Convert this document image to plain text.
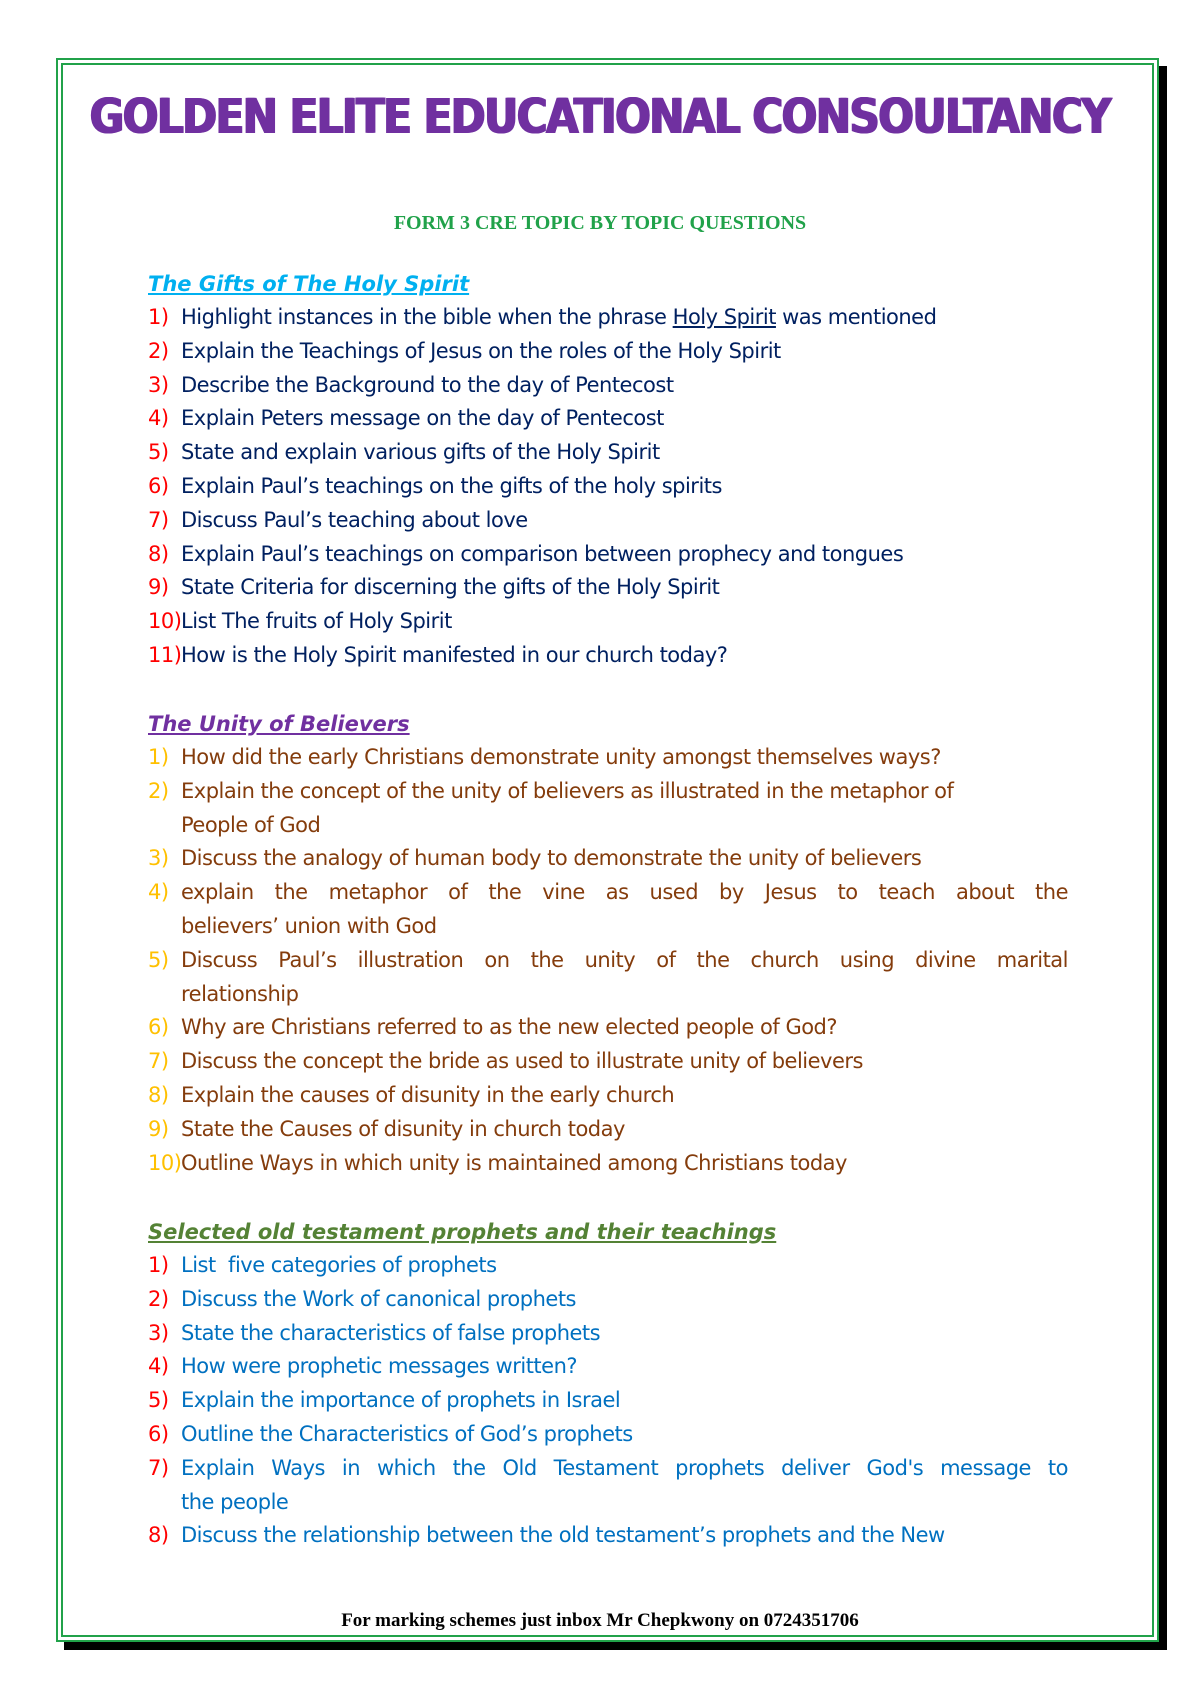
GOLDEN ELITE EDUCATIONAL CONSOULTANCY
FORM 3 CRE TOPIC BY TOPIC QUESTIONS
The Gifts of The Holy Spirit
1) Highlight instances in the bible when the phrase Holy Spirit was mentioned
2) Explain the Teachings of Jesus on the roles of the Holy Spirit
3) Describe the Background to the day of Pentecost
4) Explain Peters message on the day of Pentecost
5) State and explain various gifts of the Holy Spirit
6) Explain Paul’s teachings on the gifts of the holy spirits
7) Discuss Paul’s teaching about love
8) Explain Paul’s teachings on comparison between prophecy and tongues
9) State Criteria for discerning the gifts of the Holy Spirit
10) List The fruits of Holy Spirit
11) How is the Holy Spirit manifested in our church today?
The Unity of Believers
1) How did the early Christians demonstrate unity amongst themselves ways?
2) Explain the concept of the unity of believers as illustrated in the metaphor of
People of God
3) Discuss the analogy of human body to demonstrate the unity of believers
4) explain the metaphor of the vine as used by Jesus to teach about the
believers’ union with God
5) Discuss Paul’s illustration on the unity of the church using divine marital
relationship
6) Why are Christians referred to as the new elected people of God?
7) Discuss the concept the bride as used to illustrate unity of believers
8) Explain the causes of disunity in the early church
9) State the Causes of disunity in church today
10) Outline Ways in which unity is maintained among Christians today
Selected old testament prophets and their teachings
1) List  five categories of prophets
2) Discuss the Work of canonical prophets
3) State the characteristics of false prophets
4) How were prophetic messages written?
5) Explain the importance of prophets in Israel
6) Outline the Characteristics of God’s prophets
7) Explain Ways in which the Old Testament prophets deliver God's message to
the people
8) Discuss the relationship between the old testament’s prophets and the New
For marking schemes just inbox Mr Chepkwony on 0724351706
